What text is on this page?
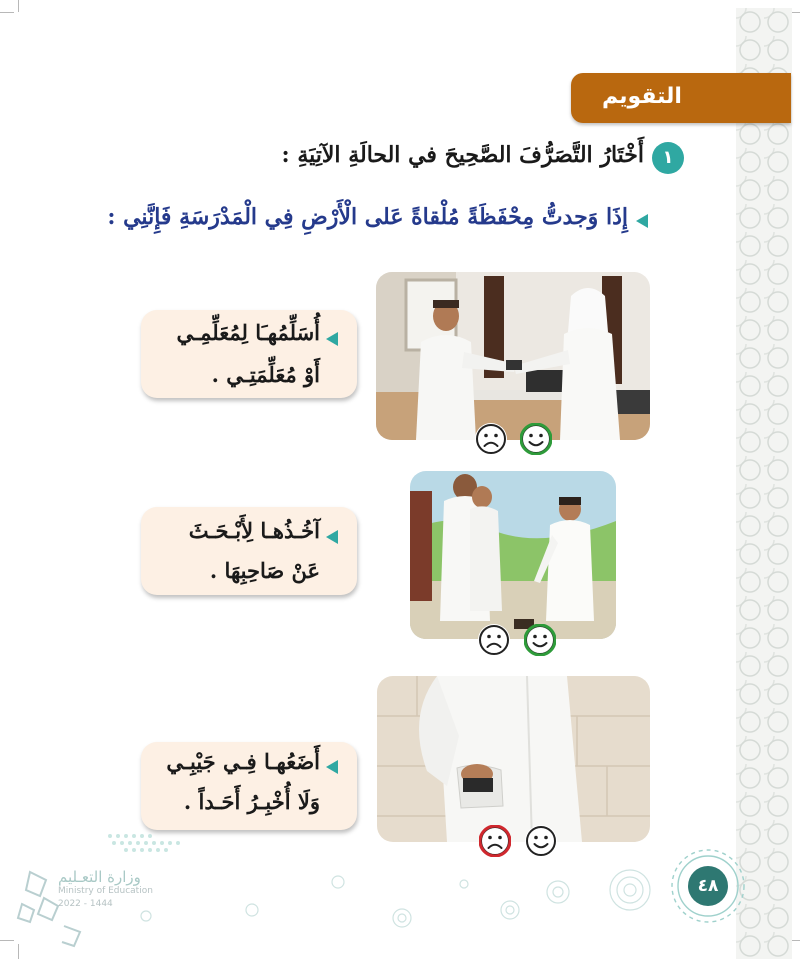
التقويم
١
أَخْتَارُ التَّصَرُّفَ الصَّحِيحَ في الحالَةِ الآتِيَةِ :
إِذَا وَجدتُّ مِحْفَظَةً مُلْقاةً عَلى الْأَرْضِ فِي الْمَدْرَسَةِ فَإِنَّنِي :
أُسَلِّمُهـَا لِمُعَلِّمِـي
أَوْ مُعَلِّمَتِـي .
آخُـذُهـا لِأَبْـحَـثَ
عَنْ صَاحِبِهَا .
أَضَعُهـا فِـي جَيْبِـي
وَلَا أُخْبِـرُ أَحَـداً .
وزارة التعـليم
Ministry of Education
2022 - 1444
٤٨
